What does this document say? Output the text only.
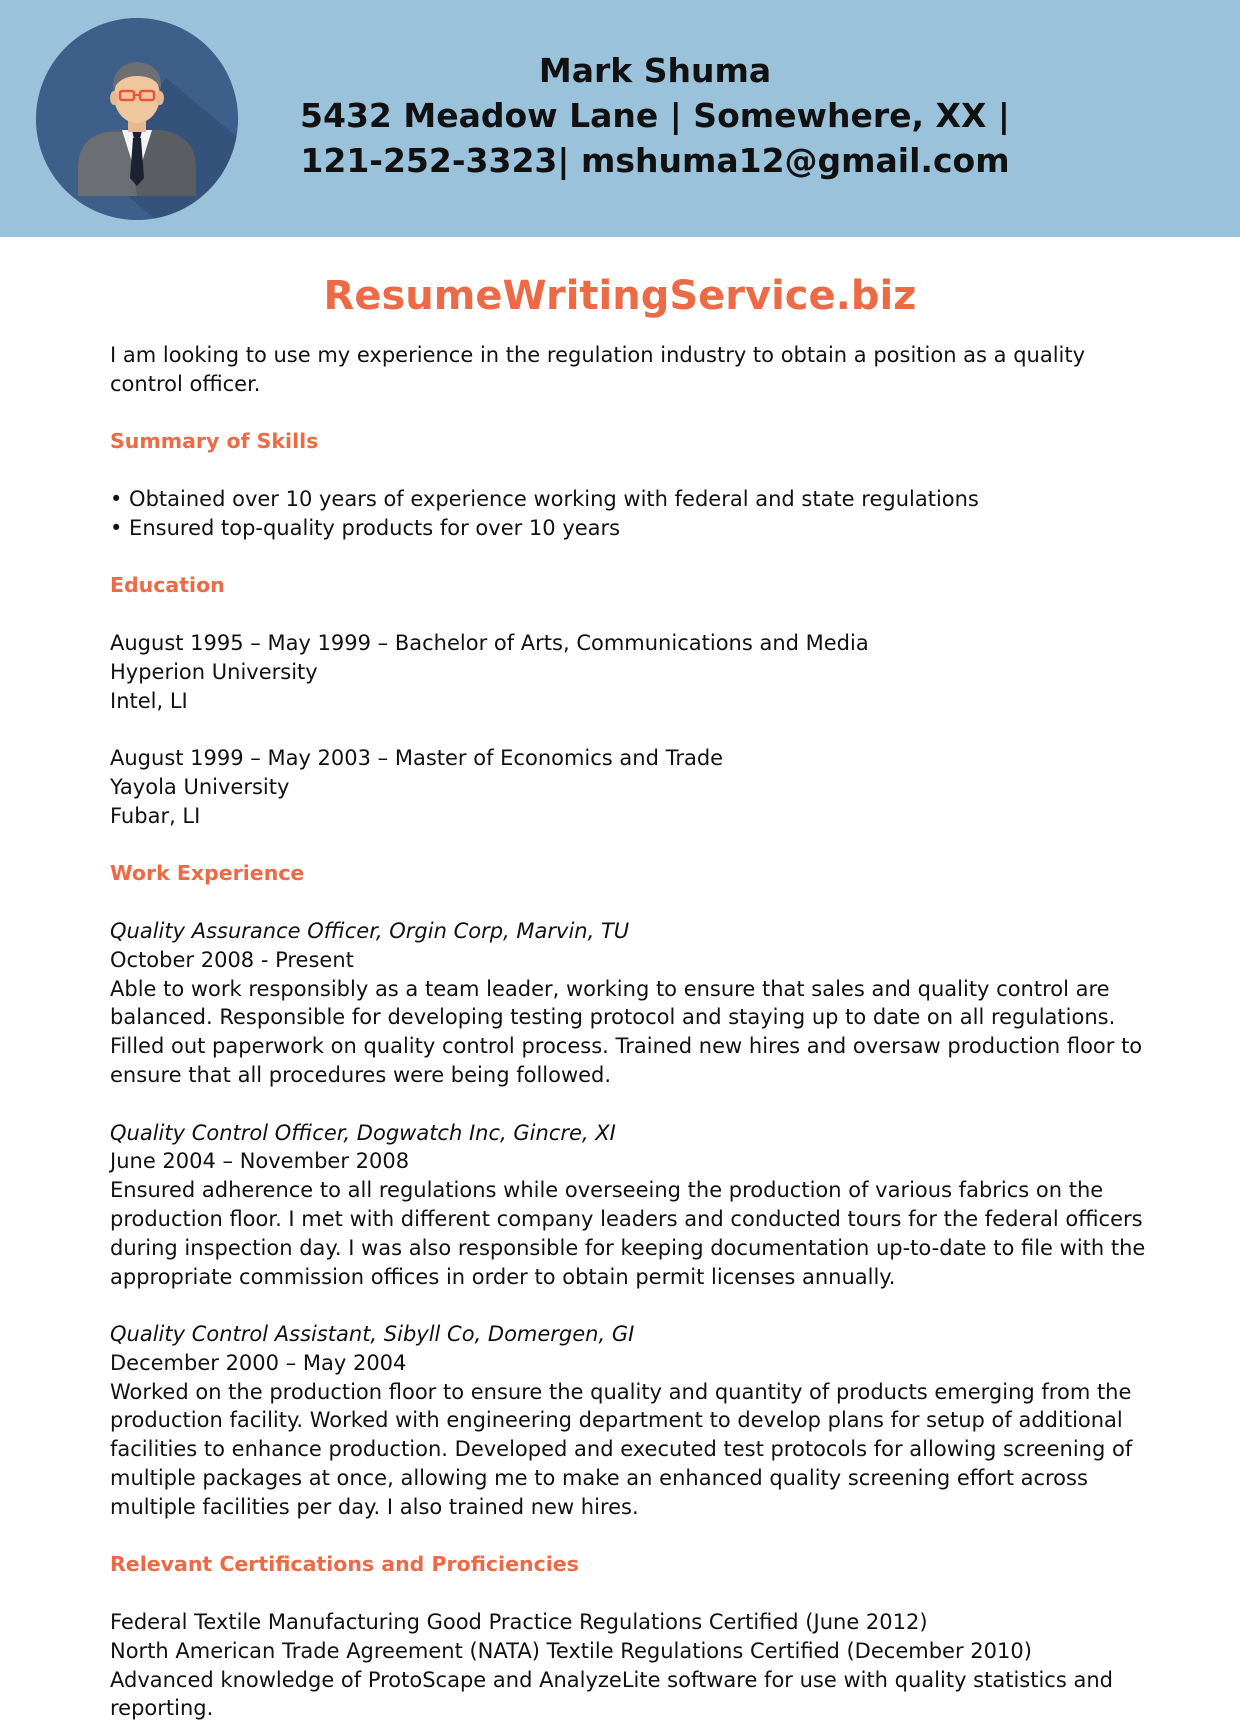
Mark Shuma
5432 Meadow Lane | Somewhere, XX |
121-252-3323| mshuma12@gmail.com
ResumeWritingService.biz

I am looking to use my experience in the regulation industry to obtain a position as a quality control officer.

Summary of Skills

• Obtained over 10 years of experience working with federal and state regulations

• Ensured top-quality products for over 10 years

Education

August 1995 – May 1999 – Bachelor of Arts, Communications and Media

Hyperion University

Intel, LI

August 1999 – May 2003 – Master of Economics and Trade

Yayola University

Fubar, LI

Work Experience

Quality Assurance Officer, Orgin Corp, Marvin, TU

October 2008 - Present

Able to work responsibly as a team leader, working to ensure that sales and quality control are balanced. Responsible for developing testing protocol and staying up to date on all regulations. Filled out paperwork on quality control process. Trained new hires and oversaw production floor to ensure that all procedures were being followed.

Quality Control Officer, Dogwatch Inc, Gincre, XI

June 2004 – November 2008

Ensured adherence to all regulations while overseeing the production of various fabrics on the production floor. I met with different company leaders and conducted tours for the federal officers during inspection day. I was also responsible for keeping documentation up-to-date to file with the appropriate commission offices in order to obtain permit licenses annually.

Quality Control Assistant, Sibyll Co, Domergen, GI

December 2000 – May 2004

Worked on the production floor to ensure the quality and quantity of products emerging from the production facility. Worked with engineering department to develop plans for setup of additional facilities to enhance production. Developed and executed test protocols for allowing screening of multiple packages at once, allowing me to make an enhanced quality screening effort across multiple facilities per day. I also trained new hires.

Relevant Certifications and Proficiencies

Federal Textile Manufacturing Good Practice Regulations Certified (June 2012)

North American Trade Agreement (NATA) Textile Regulations Certified (December 2010)

Advanced knowledge of ProtoScape and AnalyzeLite software for use with quality statistics and reporting.
